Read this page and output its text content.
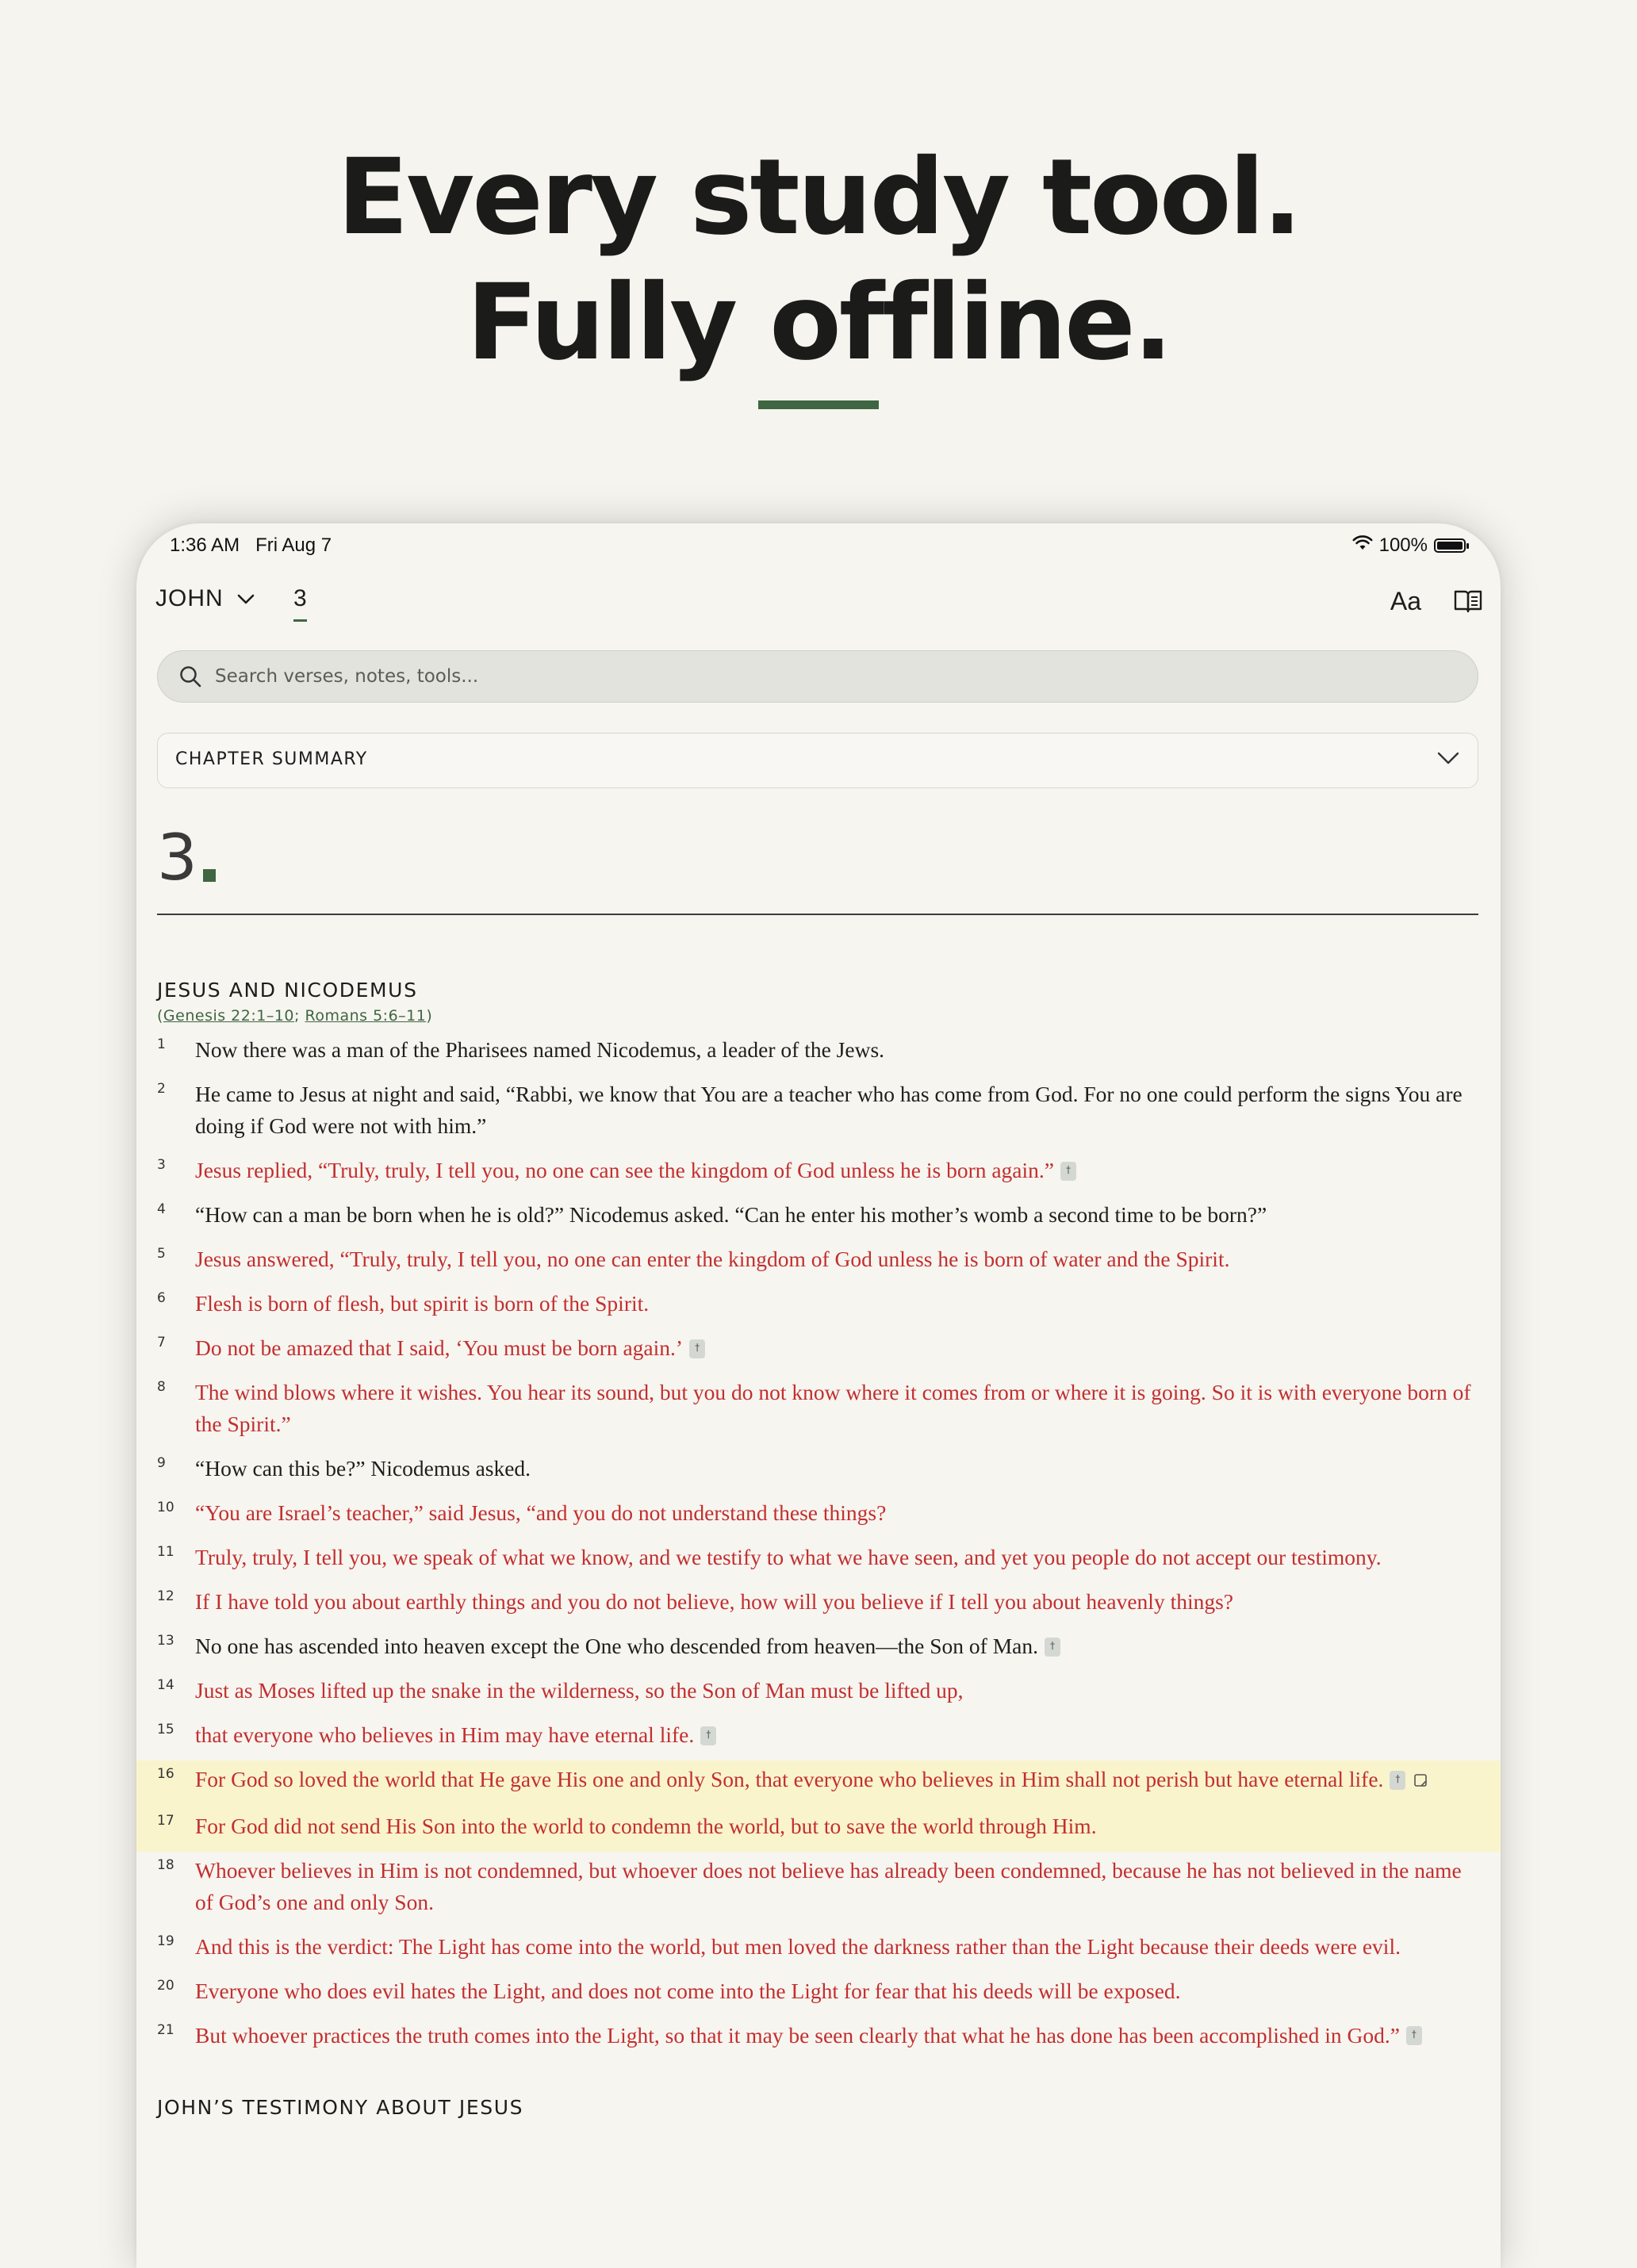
Every study tool.
Fully offline.
1:36 AM Fri Aug 7	100%
JOHN	3	Aa
Search verses, notes, tools...
CHAPTER SUMMARY
3
JESUS AND NICODEMUS
(Genesis 22:1–10; Romans 5:6–11)
1 Now there was a man of the Pharisees named Nicodemus, a leader of the Jews.
2 He came to Jesus at night and said, “Rabbi, we know that You are a teacher who has come from God. For no one could perform the signs You are doing if God were not with him.”
3 Jesus replied, “Truly, truly, I tell you, no one can see the kingdom of God unless he is born again.” †
4 “How can a man be born when he is old?” Nicodemus asked. “Can he enter his mother’s womb a second time to be born?”
5 Jesus answered, “Truly, truly, I tell you, no one can enter the kingdom of God unless he is born of water and the Spirit.
6 Flesh is born of flesh, but spirit is born of the Spirit.
7 Do not be amazed that I said, ‘You must be born again.’ †
8 The wind blows where it wishes. You hear its sound, but you do not know where it comes from or where it is going. So it is with everyone born of the Spirit.”
9 “How can this be?” Nicodemus asked.
10 “You are Israel’s teacher,” said Jesus, “and you do not understand these things?
11 Truly, truly, I tell you, we speak of what we know, and we testify to what we have seen, and yet you people do not accept our testimony.
12 If I have told you about earthly things and you do not believe, how will you believe if I tell you about heavenly things?
13 No one has ascended into heaven except the One who descended from heaven—the Son of Man. †
14 Just as Moses lifted up the snake in the wilderness, so the Son of Man must be lifted up,
15 that everyone who believes in Him may have eternal life. †
16 For God so loved the world that He gave His one and only Son, that everyone who believes in Him shall not perish but have eternal life. †
17 For God did not send His Son into the world to condemn the world, but to save the world through Him.
18 Whoever believes in Him is not condemned, but whoever does not believe has already been condemned, because he has not believed in the name of God’s one and only Son.
19 And this is the verdict: The Light has come into the world, but men loved the darkness rather than the Light because their deeds were evil.
20 Everyone who does evil hates the Light, and does not come into the Light for fear that his deeds will be exposed.
21 But whoever practices the truth comes into the Light, so that it may be seen clearly that what he has done has been accomplished in God.” †
JOHN’S TESTIMONY ABOUT JESUS
